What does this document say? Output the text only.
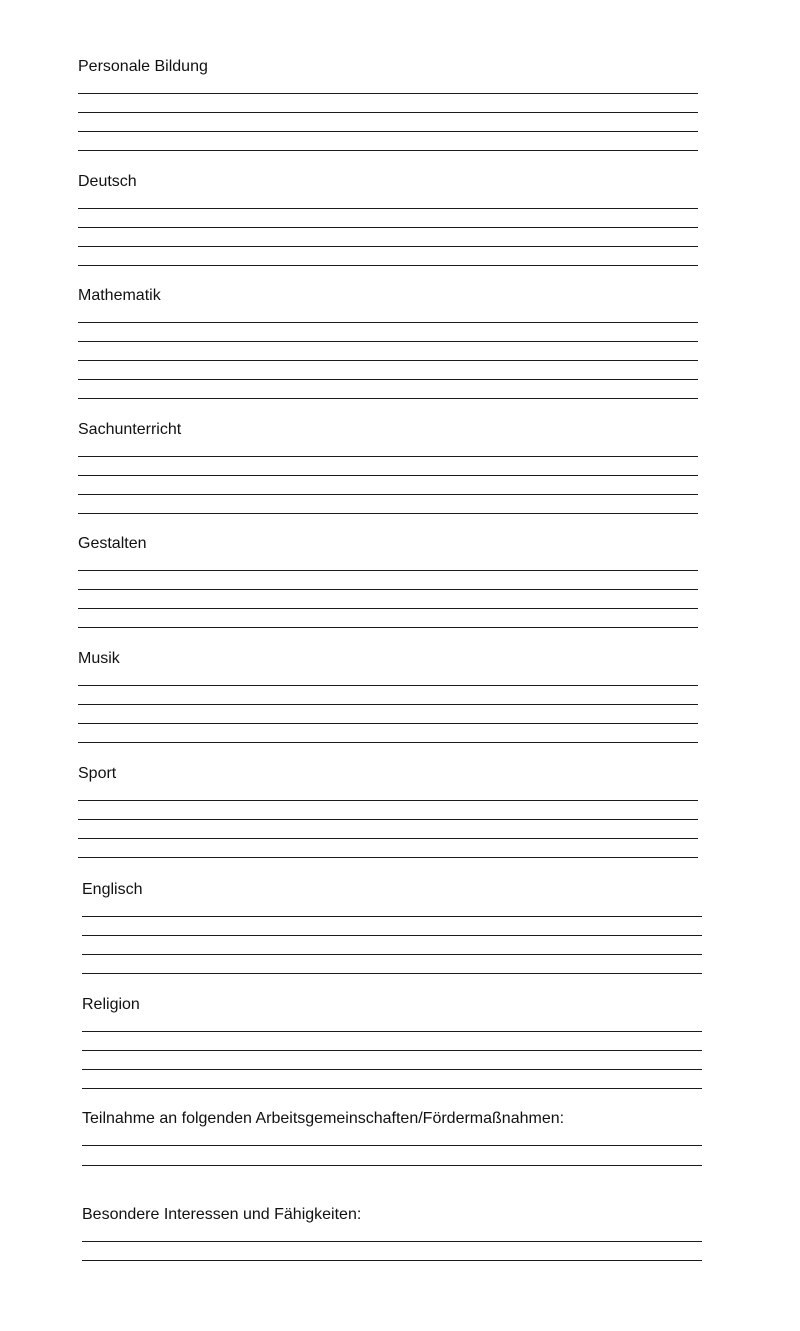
Personale Bildung
Deutsch
Mathematik
Sachunterricht
Gestalten
Musik
Sport
Englisch
Religion
Teilnahme an folgenden Arbeitsgemeinschaften/Fördermaßnahmen:
Besondere Interessen und Fähigkeiten:
